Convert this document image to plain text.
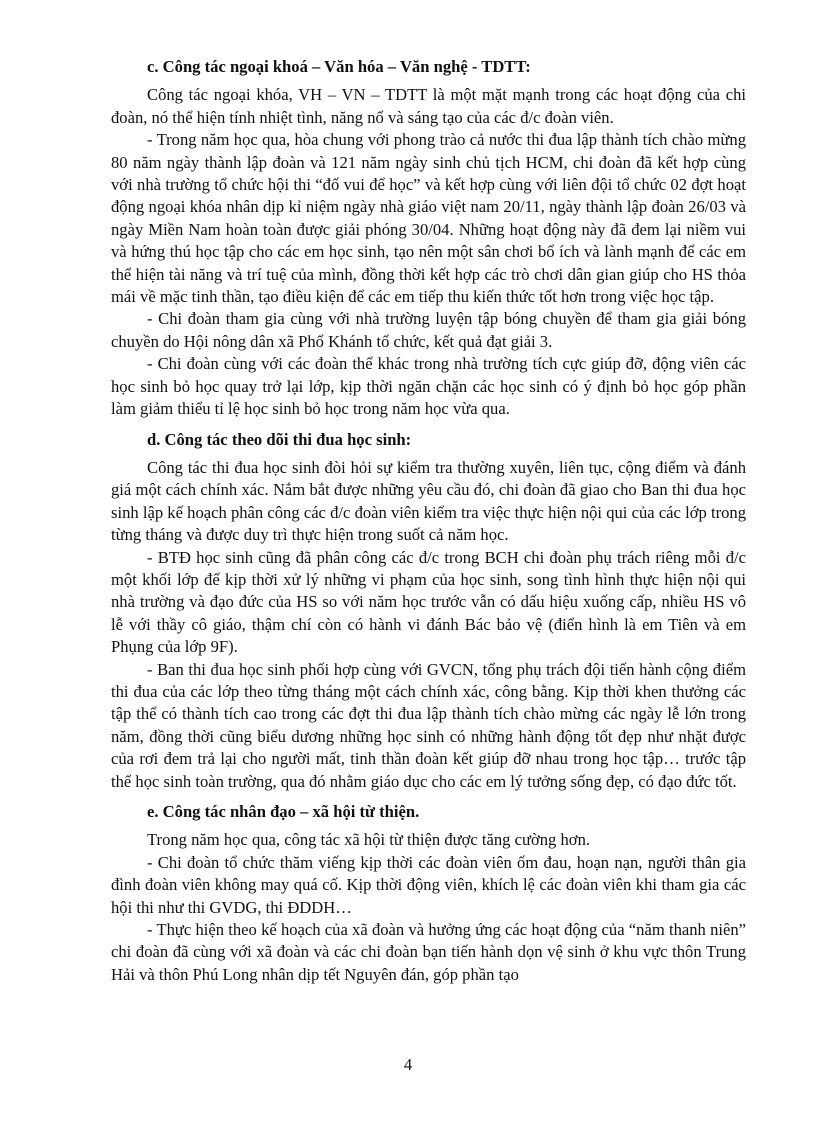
c. Công tác ngoại khoá – Văn hóa – Văn nghệ - TDTT:

Công tác ngoại khóa, VH – VN – TDTT là một mặt mạnh trong các hoạt động của chi đoàn, nó thể hiện tính nhiệt tình, năng nổ và sáng tạo của các đ/c đoàn viên.

- Trong năm học qua, hòa chung với phong trào cả nước thi đua lập thành tích chào mừng 80 năm ngày thành lập đoàn và 121 năm ngày sinh chủ tịch HCM, chi đoàn đã kết hợp cùng với nhà trường tổ chức hội thi “đố vui để học” và kết hợp cùng với liên đội tổ chức 02 đợt hoạt động ngoại khóa nhân dịp kỉ niệm ngày nhà giáo việt nam 20/11, ngày thành lập đoàn 26/03 và ngày Miền Nam hoàn toàn được giải phóng 30/04. Những hoạt động này đã đem lại niềm vui và hứng thú học tập cho các em học sinh, tạo nên một sân chơi bổ ích và lành mạnh để các em thể hiện tài năng và trí tuệ của mình, đồng thời kết hợp các trò chơi dân gian giúp cho HS thỏa mái về mặc tinh thần, tạo điều kiện để các em tiếp thu kiến thức tốt hơn trong việc học tập.

- Chi đoàn tham gia cùng với nhà trường luyện tập bóng chuyền để tham gia giải bóng chuyền do Hội nông dân xã Phổ Khánh tổ chức, kết quả đạt giải 3.

- Chi đoàn cùng với các đoàn thể khác trong nhà trường tích cực giúp đỡ, động viên các học sinh bỏ học quay trở lại lớp, kịp thời ngăn chặn các học sinh có ý định bỏ học góp phần làm giảm thiểu tỉ lệ học sinh bỏ học trong năm học vừa qua.

d. Công tác theo dõi thi đua học sinh:

Công tác thi đua học sinh đòi hỏi sự kiểm tra thường xuyên, liên tục, cộng điểm và đánh giá một cách chính xác. Nắm bắt được những yêu cầu đó, chi đoàn đã giao cho Ban thi đua học sinh lập kế hoạch phân công các đ/c đoàn viên kiểm tra việc thực hiện nội qui của các lớp trong từng tháng và được duy trì thực hiện trong suốt cả năm học.

- BTĐ học sinh cũng đã phân công các đ/c trong BCH chi đoàn phụ trách riêng mỗi đ/c một khối lớp để kịp thời xử lý những vi phạm của học sinh, song tình hình thực hiện nội qui nhà trường và đạo đức của HS so với năm học trước vẫn có dấu hiệu xuống cấp, nhiều HS vô lễ với thầy cô giáo, thậm chí còn có hành vi đánh Bác bảo vệ (điển hình là em Tiên và em Phụng của lớp 9F).

- Ban thi đua học sinh phối hợp cùng với GVCN, tổng phụ trách đội tiến hành cộng điểm thi đua của các lớp theo từng tháng một cách chính xác, công bằng. Kịp thời khen thưởng các tập thể có thành tích cao trong các đợt thi đua lập thành tích chào mừng các ngày lễ lớn trong năm, đồng thời cũng biểu dương những học sinh có những hành động tốt đẹp như nhặt được của rơi đem trả lại cho người mất, tinh thần đoàn kết giúp đỡ nhau trong học tập… trước tập thể học sinh toàn trường, qua đó nhằm giáo dục cho các em lý tưởng sống đẹp, có đạo đức tốt.

e. Công tác nhân đạo – xã hội từ thiện.

Trong năm học qua, công tác xã hội từ thiện được tăng cường hơn.

- Chi đoàn tổ chức thăm viếng kịp thời các đoàn viên ốm đau, hoạn nạn, người thân gia đình đoàn viên không may quá cố. Kịp thời động viên, khích lệ các đoàn viên khi tham gia các hội thi như thi GVDG, thi ĐDDH…

- Thực hiện theo kế hoạch của xã đoàn và hưởng ứng các hoạt động của “năm thanh niên” chi đoàn đã cùng với xã đoàn và các chi đoàn bạn tiến hành dọn vệ sinh ở khu vực thôn Trung Hải và thôn Phú Long nhân dịp tết Nguyên đán, góp phần tạo

4
